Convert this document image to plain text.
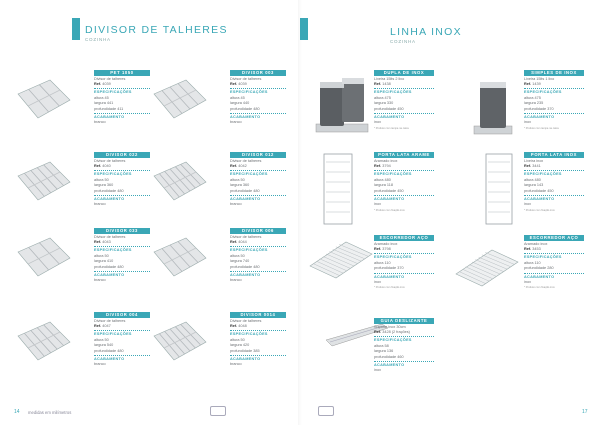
DIVISOR DE TALHERES

COZINHA

PET 1050
Divisor de talheres
Ref. 4039
ESPECIFICAÇÕES
altura 45
largura 441
profundidade 411
ACABAMENTO
branco
DIVISOR 003
Divisor de talheres
Ref. 4039
ESPECIFICAÇÕES
altura 45
largura 440
profundidade 480
ACABAMENTO
branco
DIVISOR 022
Divisor de talheres
Ref. 4040
ESPECIFICAÇÕES
altura 50
largura 360
profundidade 480
ACABAMENTO
branco
DIVISOR 012
Divisor de talheres
Ref. 4042
ESPECIFICAÇÕES
altura 50
largura 360
profundidade 480
ACABAMENTO
branco
DIVISOR 033
Divisor de talheres
Ref. 4043
ESPECIFICAÇÕES
altura 50
largura 410
profundidade 480
ACABAMENTO
branco
DIVISOR 006
Divisor de talheres
Ref. 4044
ESPECIFICAÇÕES
altura 50
largura 740
profundidade 480
ACABAMENTO
branco
DIVISOR 004
Divisor de talheres
Ref. 4047
ESPECIFICAÇÕES
altura 50
largura 540
profundidade 480
ACABAMENTO
branco
DIVISOR 0014
Divisor de talheres
Ref. 4048
ESPECIFICAÇÕES
altura 50
largura 420
profundidade 385
ACABAMENTO
branco
14 medidas em milímetros
LINHA INOX

COZINHA

DUPLA DE INOX
Lixeira 15lts 2 lixo
Ref. 1438
ESPECIFICAÇÕES
altura 475
largura 330
profundidade 450
ACABAMENTO
inox
* Produto com tampa na caixa
SIMPLES DE INOX
Lixeira 15lts 1 lixo
Ref. 1439
ESPECIFICAÇÕES
altura 475
largura 235
profundidade 370
ACABAMENTO
inox
* Produto com tampa na caixa
PORTA LATA ARAME INOX
Aramado inox
Ref. 3794
ESPECIFICAÇÕES
altura 480
largura 118
profundidade 450
ACABAMENTO
inox
* Produto com fixação inox
PORTA LATA INOX
Lixeira inox
Ref. 3441
ESPECIFICAÇÕES
altura 480
largura 143
profundidade 450
ACABAMENTO
inox
* Produto com fixação inox
ESCORREDOR AÇO INOX
Aramado inox
Ref. 3798
ESPECIFICAÇÕES
altura 110
profundidade 370
ACABAMENTO
inox
* Produto com fixação inox
ESCORREDOR AÇO INOX
Aramado inox
Ref. 3453
ESPECIFICAÇÕES
altura 110
profundidade 280
ACABAMENTO
inox
* Produto com fixação inox
GUIA DESLIZANTE
Suporte inox 30cm
Ref. 3428 (2 frações)
ESPECIFICAÇÕES
altura 58
largura 136
profundidade 460
ACABAMENTO
inox
17
